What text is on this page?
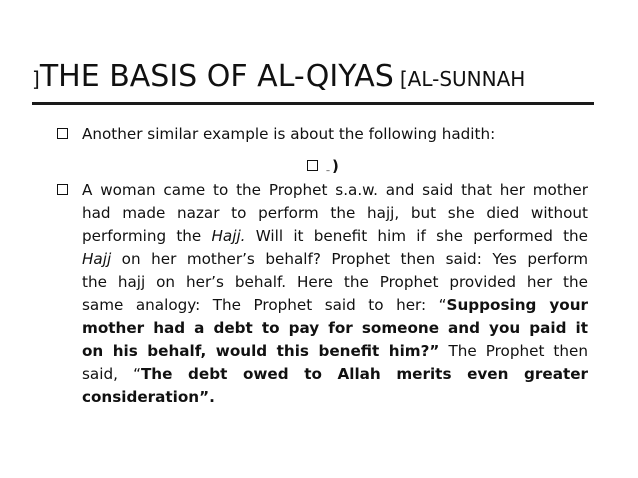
]THE BASIS OF AL-QIYAS [AL-SUNNAH
Another similar example is about the following hadith:
– )
A woman came to the Prophet s.a.w. and said that her mother
had made nazar to perform the hajj, but she died without
performing the Hajj. Will it benefit him if she performed the
Hajj on her mother’s behalf? Prophet then said: Yes perform
the hajj on her’s behalf. Here the Prophet provided her the
same analogy: The Prophet said to her: “Supposing your
mother had a debt to pay for someone and you paid it
on his behalf, would this benefit him?” The Prophet then
said, “The debt owed to Allah merits even greater
consideration”.
